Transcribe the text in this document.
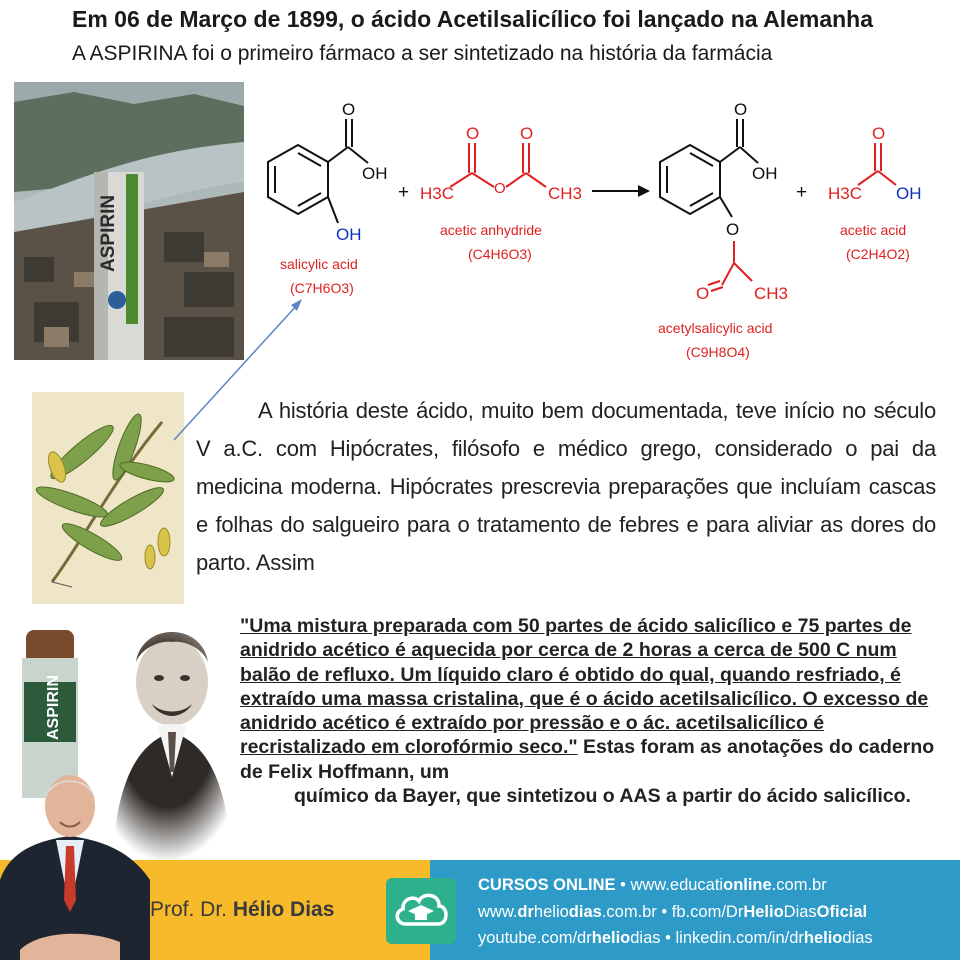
Em 06 de Março de 1899, o ácido Acetilsalicílico foi lançado na Alemanha
A ASPIRINA foi o primeiro fármaco a ser sintetizado na história da farmácia
ASPIRIN
O
OH
OH
salicylic acid
(C7H6O3)
+
O O
O
H3C	CH3
acetic anhydride
(C4H6O3)
O
OH
O
O	CH3
acetylsalicylic acid
(C9H8O4)
+
O
H3C OH
acetic acid
(C2H4O2)

A história deste ácido, muito bem documentada, teve início no século V a.C. com Hipócrates, filósofo e médico grego, considerado o pai da medicina moderna. Hipócrates prescrevia preparações que incluíam cascas e folhas do salgueiro para o tratamento de febres e para aliviar as dores do parto. Assim

ASPIRIN
"Uma mistura preparada com 50 partes de ácido salicílico e 75 partes de anidrido acético é aquecida por cerca de 2 horas a cerca de 500 C num balão de refluxo. Um líquido claro é obtido do qual, quando resfriado, é extraído uma massa cristalina, que é o ácido acetilsalicílico. O excesso de anidrido acético é extraído por pressão e o ác. acetilsalicílico é recristalizado em clorofórmio seco." Estas foram as anotações do caderno de Felix Hoffmann, um
químico da Bayer, que sintetizou o AAS a partir do ácido salicílico.
Prof. Dr. Hélio Dias
CURSOS ONLINE • www.educationline.com.br
www.drheliodias.com.br • fb.com/DrHelioDiasOficial
youtube.com/drheliodias • linkedin.com/in/drheliodias
